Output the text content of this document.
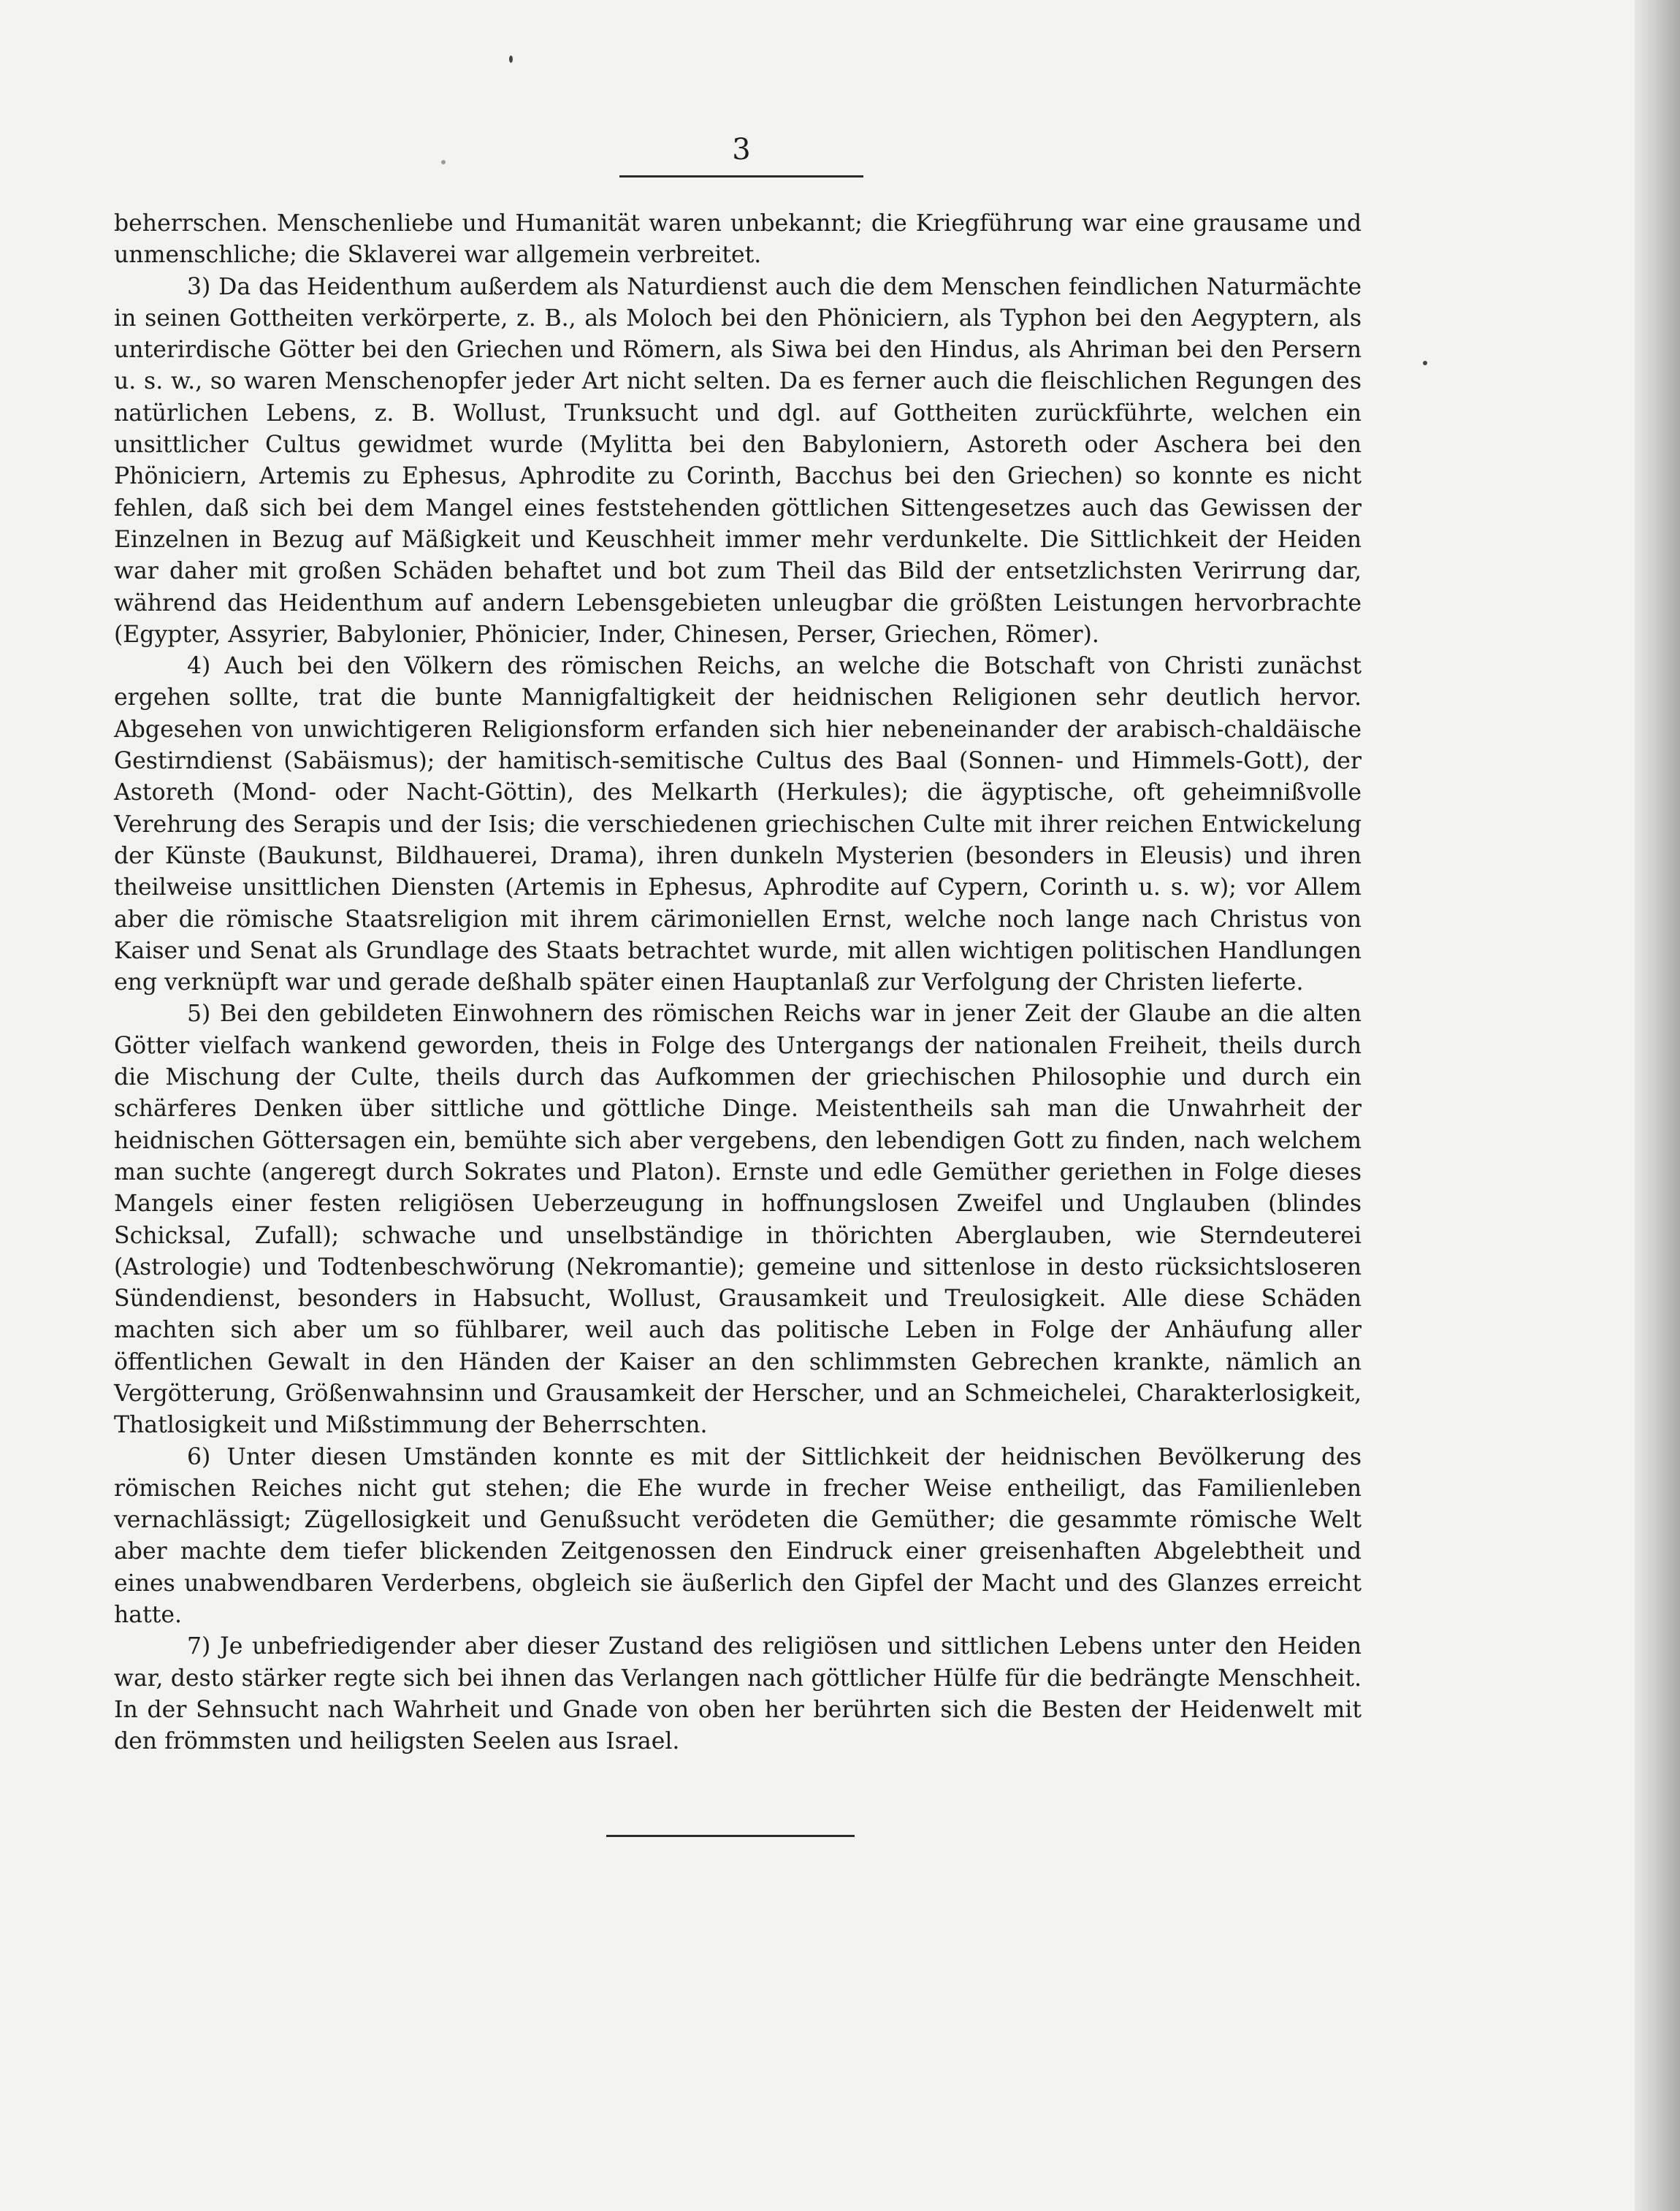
3

beherrschen. Menschenliebe und Humanität waren unbekannt; die Kriegführung war eine grausame und unmenschliche; die Sklaverei war allgemein verbreitet.

3) Da das Heidenthum außerdem als Naturdienst auch die dem Menschen feindlichen Naturmächte in seinen Gottheiten verkörperte, z. B., als Moloch bei den Phöniciern, als Typhon bei den Aegyptern, als unterirdische Götter bei den Griechen und Römern, als Siwa bei den Hindus, als Ahriman bei den Persern u. s. w., so waren Menschenopfer jeder Art nicht selten. Da es ferner auch die fleischlichen Regungen des natürlichen Lebens, z. B. Wollust, Trunksucht und dgl. auf Gottheiten zurückführte, welchen ein unsittlicher Cultus gewidmet wurde (Mylitta bei den Babyloniern, Astoreth oder Aschera bei den Phöniciern, Artemis zu Ephesus, Aphrodite zu Corinth, Bacchus bei den Griechen) so konnte es nicht fehlen, daß sich bei dem Mangel eines feststehenden göttlichen Sittengesetzes auch das Gewissen der Einzelnen in Bezug auf Mäßigkeit und Keuschheit immer mehr verdunkelte. Die Sittlichkeit der Heiden war daher mit großen Schäden behaftet und bot zum Theil das Bild der entsetzlichsten Verirrung dar, während das Heidenthum auf andern Lebensgebieten unleugbar die größten Leistungen hervorbrachte (Egypter, Assyrier, Babylonier, Phönicier, Inder, Chinesen, Perser, Griechen, Römer).

4) Auch bei den Völkern des römischen Reichs, an welche die Botschaft von Christi zunächst ergehen sollte, trat die bunte Mannigfaltigkeit der heidnischen Religionen sehr deutlich hervor. Abgesehen von unwichtigeren Religionsform erfanden sich hier nebeneinander der arabisch-chaldäische Gestirndienst (Sabäismus); der hamitisch-semitische Cultus des Baal (Sonnen- und Himmels-Gott), der Astoreth (Mond- oder Nacht-Göttin), des Melkarth (Herkules); die ägyptische, oft geheimnißvolle Verehrung des Serapis und der Isis; die verschiedenen griechischen Culte mit ihrer reichen Entwickelung der Künste (Baukunst, Bildhauerei, Drama), ihren dunkeln Mysterien (besonders in Eleusis) und ihren theilweise unsittlichen Diensten (Artemis in Ephesus, Aphrodite auf Cypern, Corinth u. s. w); vor Allem aber die römische Staatsreligion mit ihrem cärimoniellen Ernst, welche noch lange nach Christus von Kaiser und Senat als Grundlage des Staats betrachtet wurde, mit allen wichtigen politischen Handlungen eng verknüpft war und gerade deßhalb später einen Hauptanlaß zur Verfolgung der Christen lieferte.

5) Bei den gebildeten Einwohnern des römischen Reichs war in jener Zeit der Glaube an die alten Götter vielfach wankend geworden, theis in Folge des Untergangs der nationalen Freiheit, theils durch die Mischung der Culte, theils durch das Aufkommen der griechischen Philosophie und durch ein schärferes Denken über sittliche und göttliche Dinge. Meistentheils sah man die Unwahrheit der heidnischen Göttersagen ein, bemühte sich aber vergebens, den lebendigen Gott zu finden, nach welchem man suchte (angeregt durch Sokrates und Platon). Ernste und edle Gemüther geriethen in Folge dieses Mangels einer festen religiösen Ueberzeugung in hoffnungslosen Zweifel und Unglauben (blindes Schicksal, Zufall); schwache und unselbständige in thörichten Aberglauben, wie Sterndeuterei (Astrologie) und Todtenbeschwörung (Nekromantie); gemeine und sittenlose in desto rücksichtsloseren Sündendienst, besonders in Habsucht, Wollust, Grausamkeit und Treulosigkeit. Alle diese Schäden machten sich aber um so fühlbarer, weil auch das politische Leben in Folge der Anhäufung aller öffentlichen Gewalt in den Händen der Kaiser an den schlimmsten Gebrechen krankte, nämlich an Vergötterung, Größenwahnsinn und Grausamkeit der Herscher, und an Schmeichelei, Charakterlosigkeit, Thatlosigkeit und Mißstimmung der Beherrschten.

6) Unter diesen Umständen konnte es mit der Sittlichkeit der heidnischen Bevölkerung des römischen Reiches nicht gut stehen; die Ehe wurde in frecher Weise entheiligt, das Familienleben vernachlässigt; Zügellosigkeit und Genußsucht verödeten die Gemüther; die gesammte römische Welt aber machte dem tiefer blickenden Zeitgenossen den Eindruck einer greisenhaften Abgelebtheit und eines unabwendbaren Verderbens, obgleich sie äußerlich den Gipfel der Macht und des Glanzes erreicht hatte.

7) Je unbefriedigender aber dieser Zustand des religiösen und sittlichen Lebens unter den Heiden war, desto stärker regte sich bei ihnen das Verlangen nach göttlicher Hülfe für die bedrängte Menschheit. In der Sehnsucht nach Wahrheit und Gnade von oben her berührten sich die Besten der Heidenwelt mit den frömmsten und heiligsten Seelen aus Israel.
